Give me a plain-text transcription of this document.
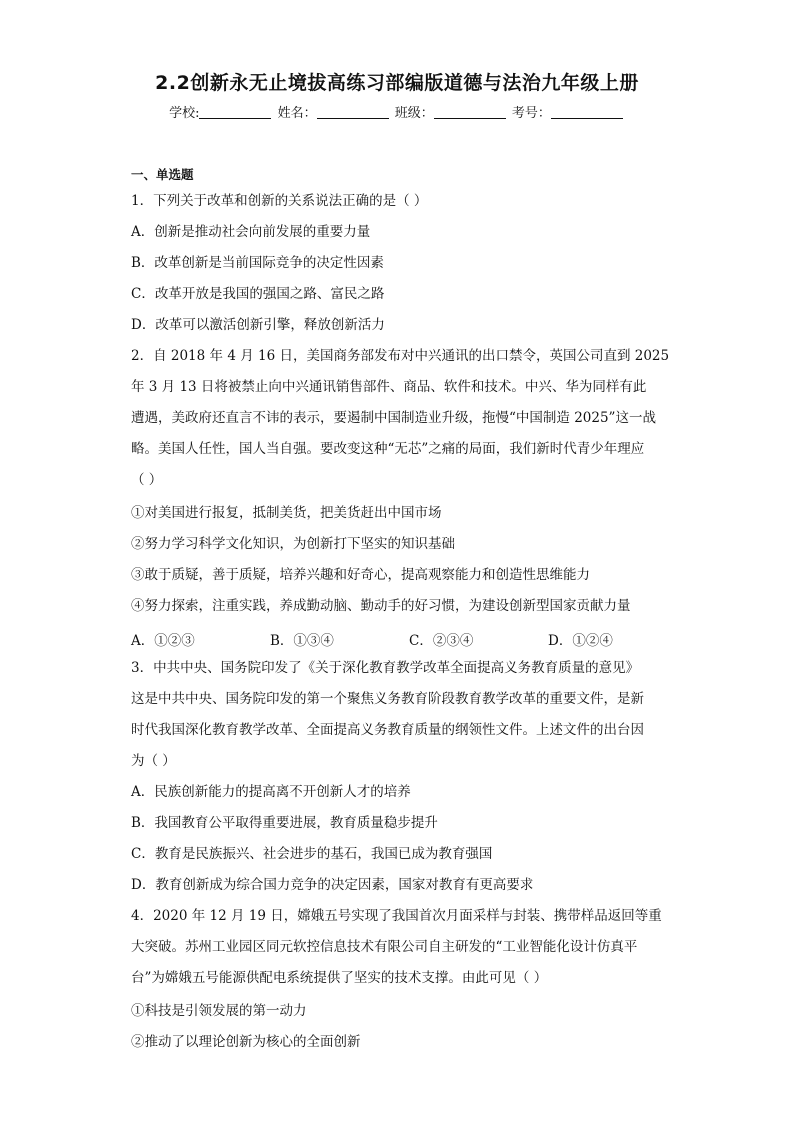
2.2创新永无止境拔高练习部编版道德与法治九年级上册
学校:	姓名：	班级：	考号：
一、单选题
1．下列关于改革和创新的关系说法正确的是（ ）
A．创新是推动社会向前发展的重要力量
B．改革创新是当前国际竞争的决定性因素
C．改革开放是我国的强国之路、富民之路
D．改革可以激活创新引擎，释放创新活力
2．自 2018 年 4 月 16 日，美国商务部发布对中兴通讯的出口禁令，英国公司直到 2025
年 3 月 13 日将被禁止向中兴通讯销售部件、商品、软件和技术。中兴、华为同样有此
遭遇，美政府还直言不讳的表示，要遏制中国制造业升级，拖慢“中国制造 2025”这一战
略。美国人任性，国人当自强。要改变这种“无芯”之痛的局面，我们新时代青少年理应
（ ）
①对美国进行报复，抵制美货，把美货赶出中国市场
②努力学习科学文化知识，为创新打下坚实的知识基础
③敢于质疑，善于质疑，培养兴趣和好奇心，提高观察能力和创造性思维能力
④努力探索，注重实践，养成勤动脑、勤动手的好习惯，为建设创新型国家贡献力量
A．①②③	B．①③④	C．②③④	D．①②④
3．中共中央、国务院印发了《关于深化教育教学改革全面提高义务教育质量的意见》
这是中共中央、国务院印发的第一个聚焦义务教育阶段教育教学改革的重要文件，是新
时代我国深化教育教学改革、全面提高义务教育质量的纲领性文件。上述文件的出台因
为（ ）
A．民族创新能力的提高离不开创新人才的培养
B．我国教育公平取得重要进展，教育质量稳步提升
C．教育是民族振兴、社会进步的基石，我国已成为教育强国
D．教育创新成为综合国力竞争的决定因素，国家对教育有更高要求
4．2020 年 12 月 19 日，嫦娥五号实现了我国首次月面采样与封装、携带样品返回等重
大突破。苏州工业园区同元软控信息技术有限公司自主研发的“工业智能化设计仿真平
台”为嫦娥五号能源供配电系统提供了坚实的技术支撑。由此可见（ ）
①科技是引领发展的第一动力
②推动了以理论创新为核心的全面创新
